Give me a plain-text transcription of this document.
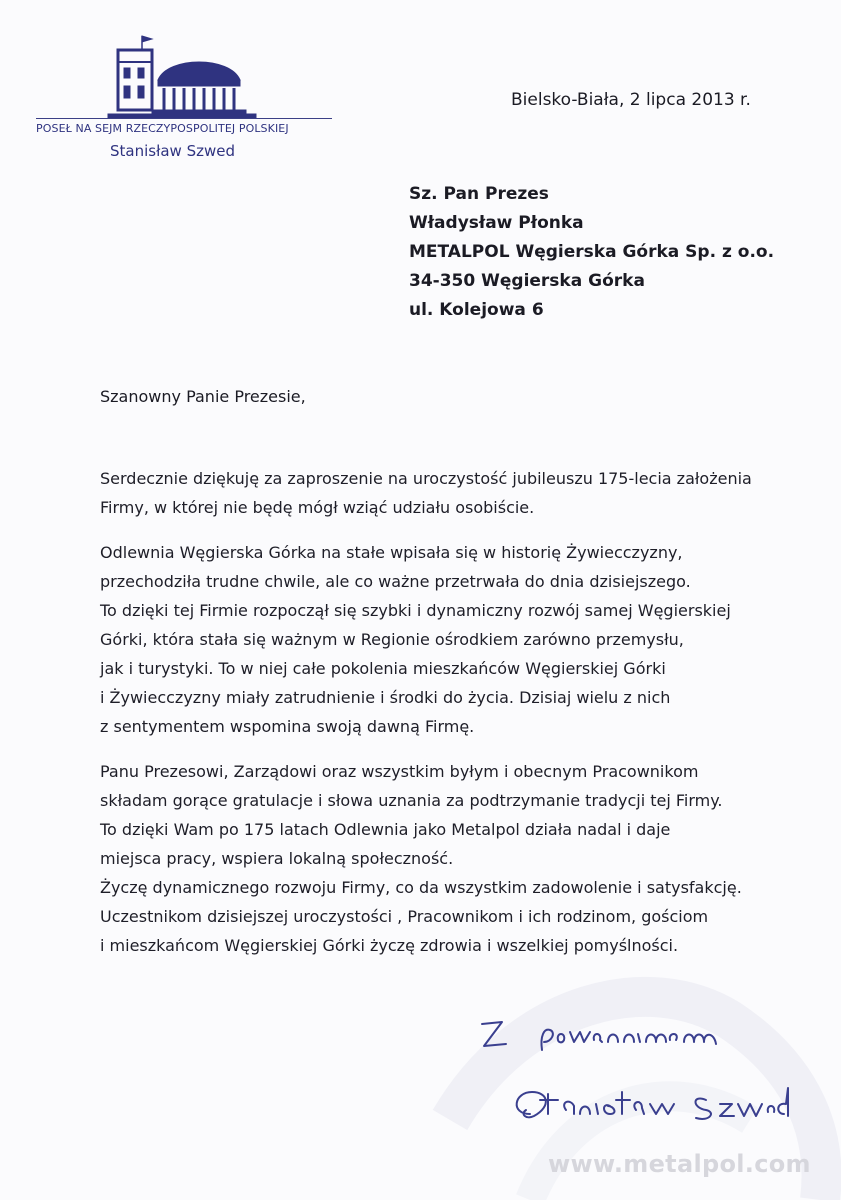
POSEŁ NA SEJM RZECZYPOSPOLITEJ POLSKIEJ
Stanisław Szwed
Bielsko-Biała, 2 lipca 2013 r.
Sz. Pan Prezes
Władysław Płonka
METALPOL Węgierska Górka Sp. z o.o.
34-350 Węgierska Górka
ul. Kolejowa 6
Szanowny Panie Prezesie,
Serdecznie dziękuję za zaproszenie na uroczystość jubileuszu 175-lecia założenia
Firmy, w której nie będę mógł wziąć udziału osobiście.
Odlewnia Węgierska Górka na stałe wpisała się w historię Żywiecczyzny,
przechodziła trudne chwile, ale co ważne przetrwała do dnia dzisiejszego.
To dzięki tej Firmie rozpoczął się szybki i dynamiczny rozwój samej Węgierskiej
Górki, która stała się ważnym w Regionie ośrodkiem zarówno przemysłu,
jak i turystyki. To w niej całe pokolenia mieszkańców Węgierskiej Górki
i Żywiecczyzny miały zatrudnienie i środki do życia. Dzisiaj wielu z nich
z sentymentem wspomina swoją dawną Firmę.
Panu Prezesowi, Zarządowi oraz wszystkim byłym i obecnym Pracownikom
składam gorące gratulacje i słowa uznania za podtrzymanie tradycji tej Firmy.
To dzięki Wam po 175 latach Odlewnia jako Metalpol działa nadal i daje
miejsca pracy, wspiera lokalną społeczność.
Życzę dynamicznego rozwoju Firmy, co da wszystkim zadowolenie i satysfakcję.
Uczestnikom dzisiejszej uroczystości , Pracownikom i ich rodzinom, gościom
i mieszkańcom Węgierskiej Górki życzę zdrowia i wszelkiej pomyślności.
www.metalpol.com
